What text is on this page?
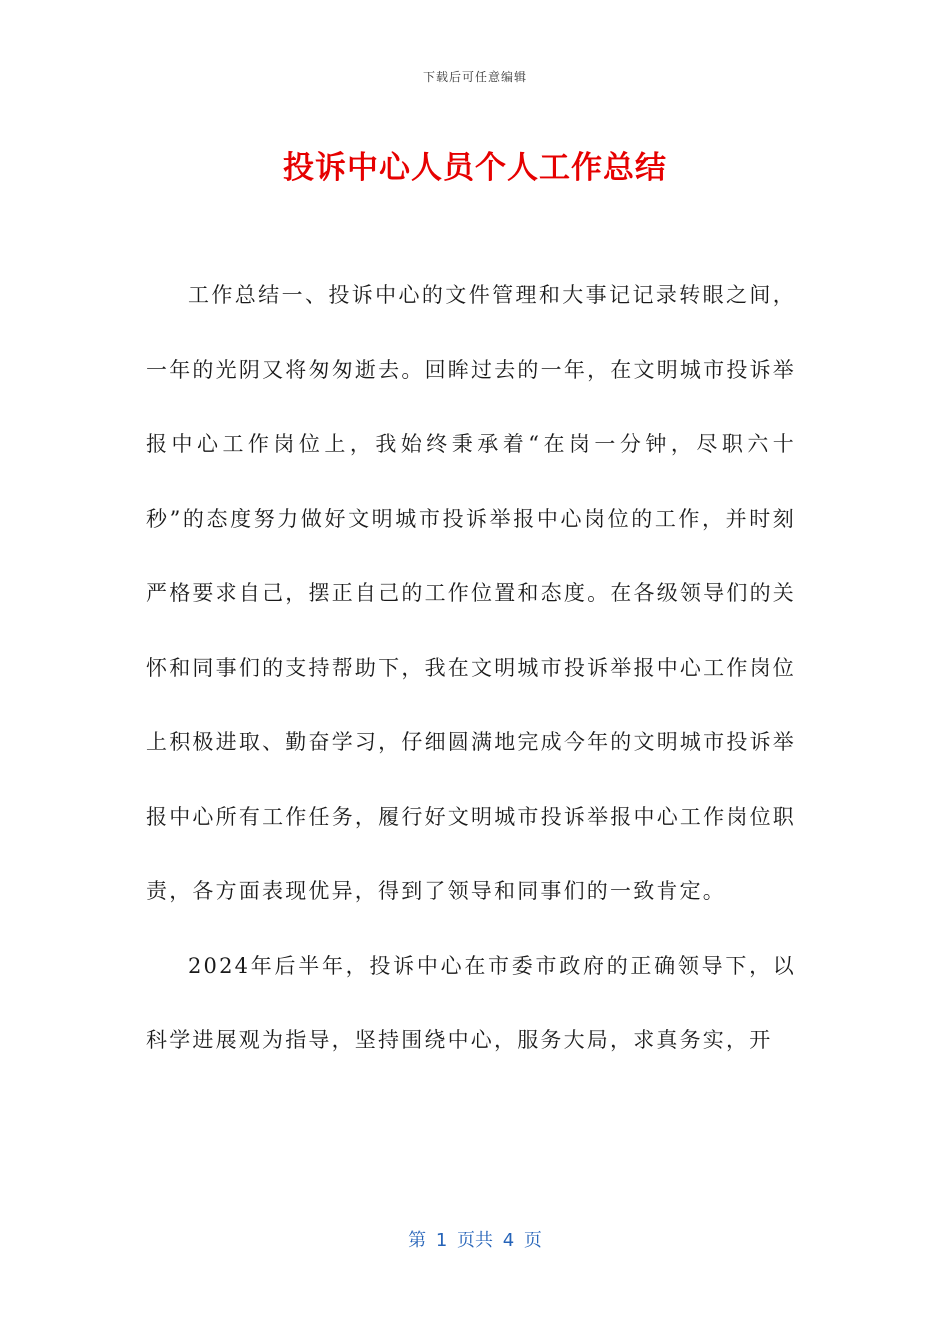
下载后可任意编辑
投诉中心人员个人工作总结

工作总结一、投诉中心的文件管理和大事记记录转眼之间，一年的光阴又将匆匆逝去。回眸过去的一年，在文明城市投诉举报中心工作岗位上，我始终秉承着“在岗一分钟，尽职六十秒”的态度努力做好文明城市投诉举报中心岗位的工作，并时刻严格要求自己，摆正自己的工作位置和态度。在各级领导们的关怀和同事们的支持帮助下，我在文明城市投诉举报中心工作岗位上积极进取、勤奋学习，仔细圆满地完成今年的文明城市投诉举报中心所有工作任务，履行好文明城市投诉举报中心工作岗位职责，各方面表现优异，得到了领导和同事们的一致肯定。

2024年后半年，投诉中心在市委市政府的正确领导下，以科学进展观为指导，坚持围绕中心，服务大局，求真务实，开

第 1 页共 4 页
